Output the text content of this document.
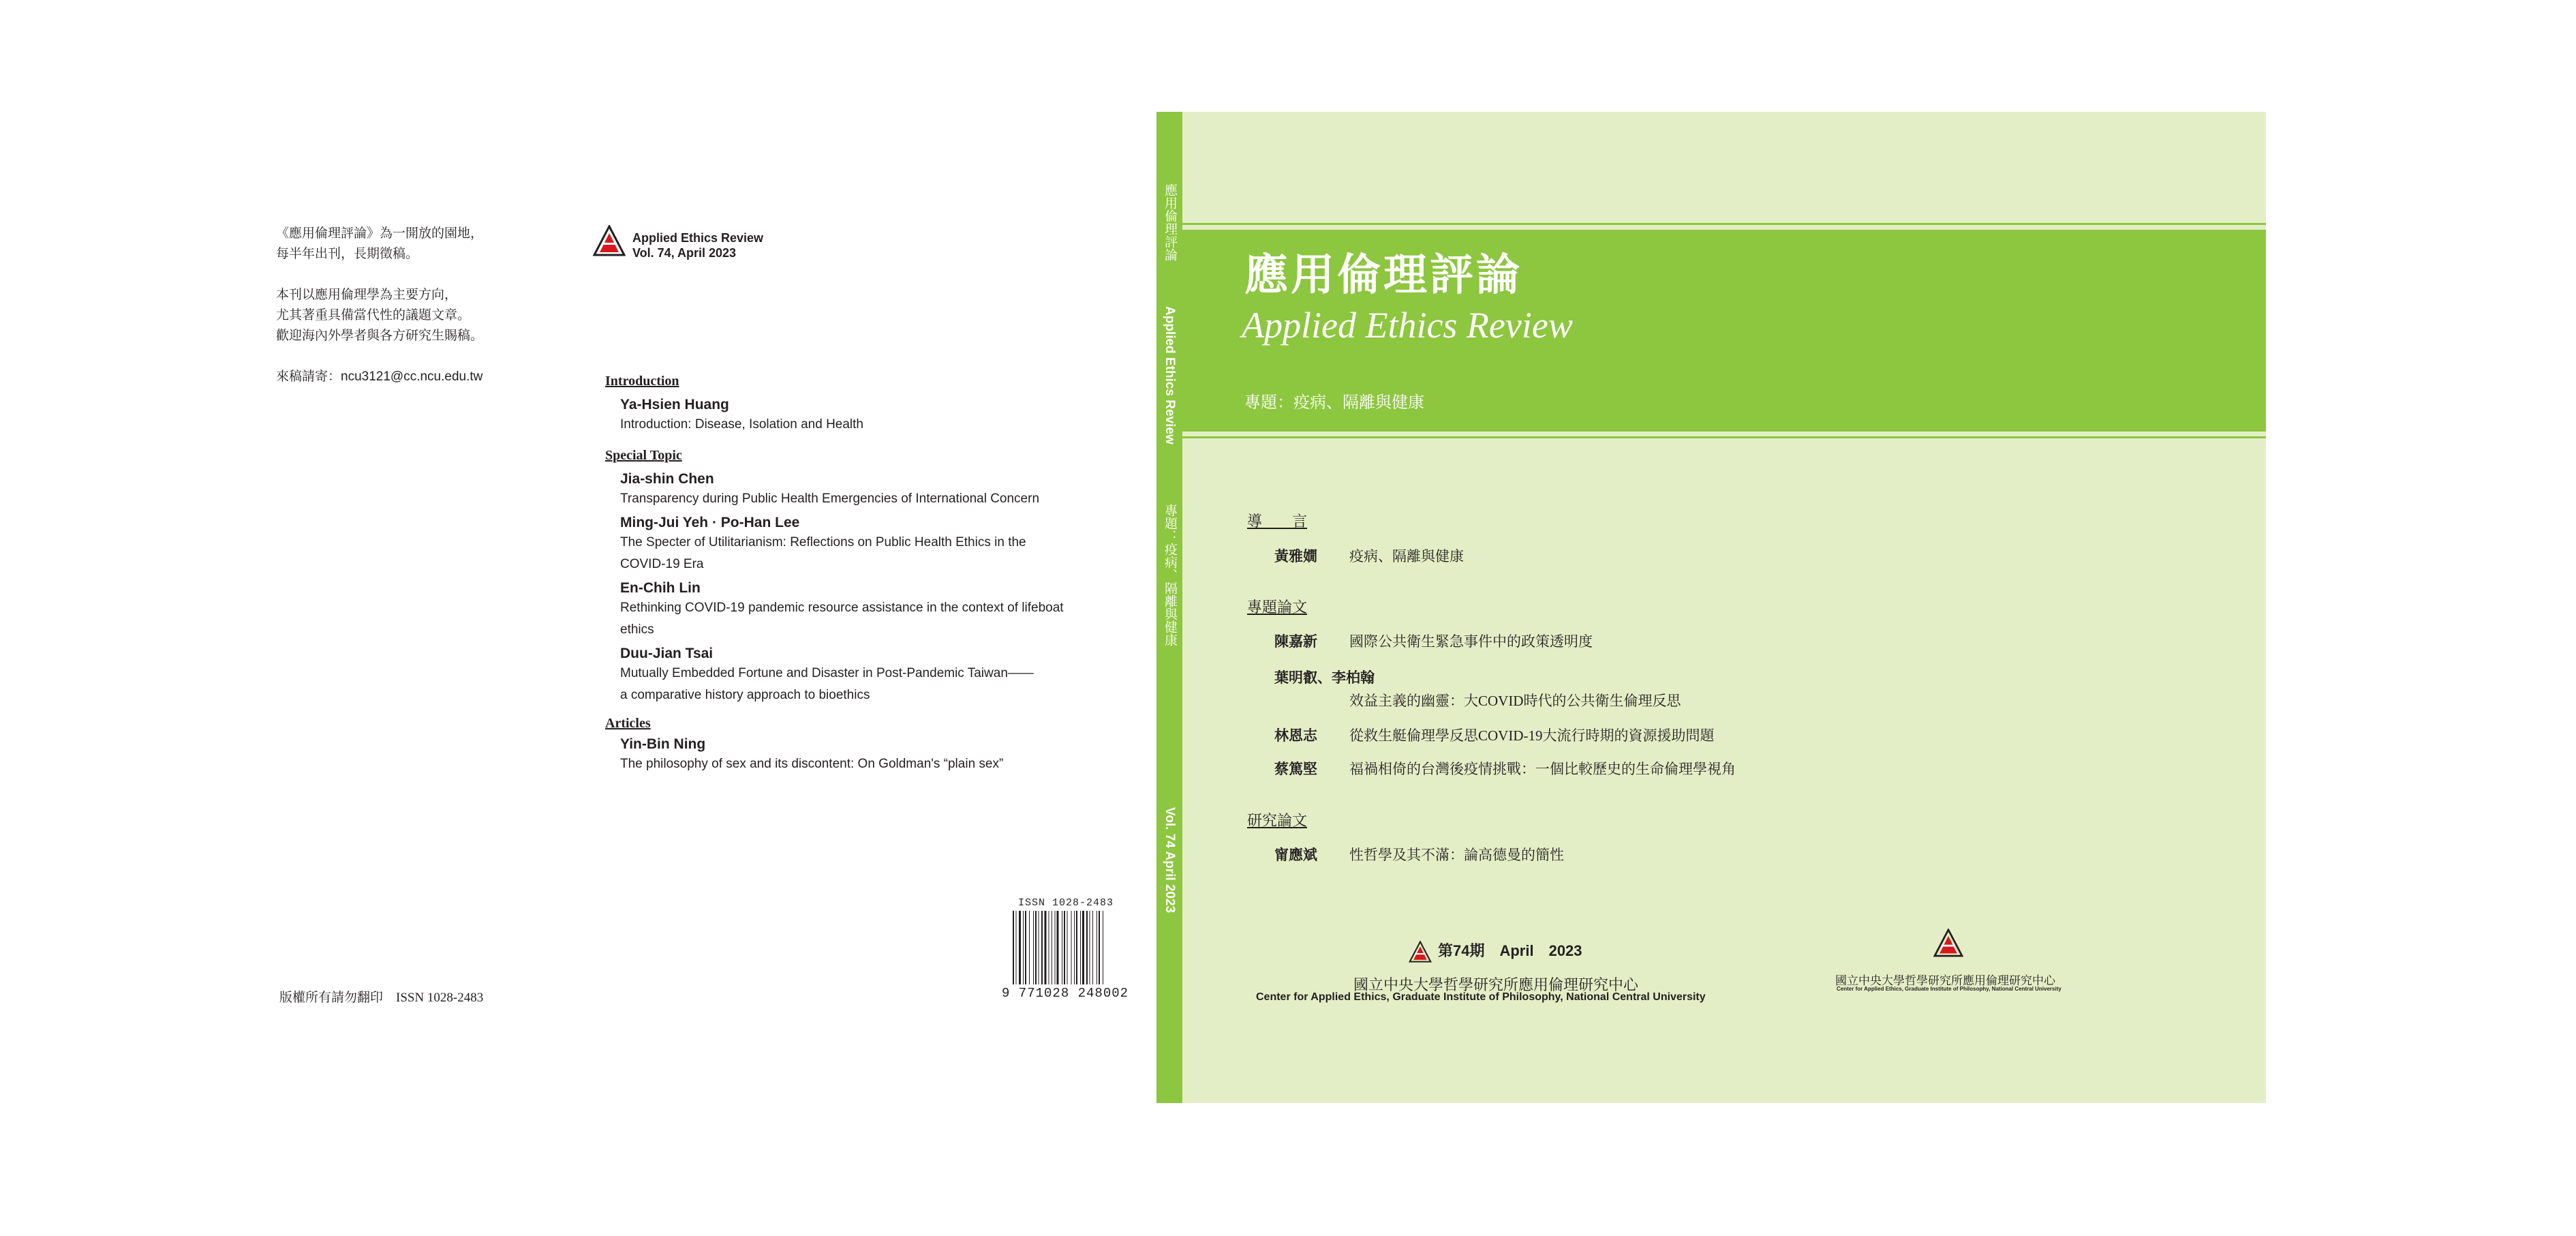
《應用倫理評論》為一開放的園地，
每半年出刊，長期徵稿。
本刊以應用倫理學為主要方向，
尤其著重具備當代性的議題文章。
歡迎海內外學者與各方研究生賜稿。
來稿請寄：ncu3121@cc.ncu.edu.tw
Applied Ethics Review
Vol. 74, April 2023
Introduction
Ya-Hsien Huang
Introduction: Disease, Isolation and Health
Special Topic
Jia-shin Chen
Transparency during Public Health Emergencies of International Concern
Ming-Jui Yeh · Po-Han Lee
The Specter of Utilitarianism: Reflections on Public Health Ethics in the
COVID-19 Era
En-Chih Lin
Rethinking COVID-19 pandemic resource assistance in the context of lifeboat
ethics
Duu-Jian Tsai
Mutually Embedded Fortune and Disaster in Post-Pandemic Taiwan——
a comparative history approach to bioethics
Articles
Yin-Bin Ning
The philosophy of sex and its discontent: On Goldman's “plain sex”
ISSN 1028-2483
9 771028 248002
版權所有請勿翻印　ISSN 1028-2483
應用倫理評論
Applied Ethics Review
專題：疫病、隔離與健康
Vol. 74 April 2023
應用倫理評論
Applied Ethics Review
專題：疫病、隔離與健康
導　　言
黃雅嫺 疫病、隔離與健康
專題論文
陳嘉新 國際公共衛生緊急事件中的政策透明度
葉明叡、李柏翰
效益主義的幽靈：大COVID時代的公共衛生倫理反思
林恩志 從救生艇倫理學反思COVID-19大流行時期的資源援助問題
蔡篤堅 福禍相倚的台灣後疫情挑戰：一個比較歷史的生命倫理學視角
研究論文
甯應斌 性哲學及其不滿：論高德曼的簡性
第74期　April　2023
國立中央大學哲學研究所應用倫理研究中心
Center for Applied Ethics, Graduate Institute of Philosophy, National Central University
國立中央大學哲學研究所應用倫理研究中心
Center for Applied Ethics, Graduate Institute of Philosophy, National Central University
